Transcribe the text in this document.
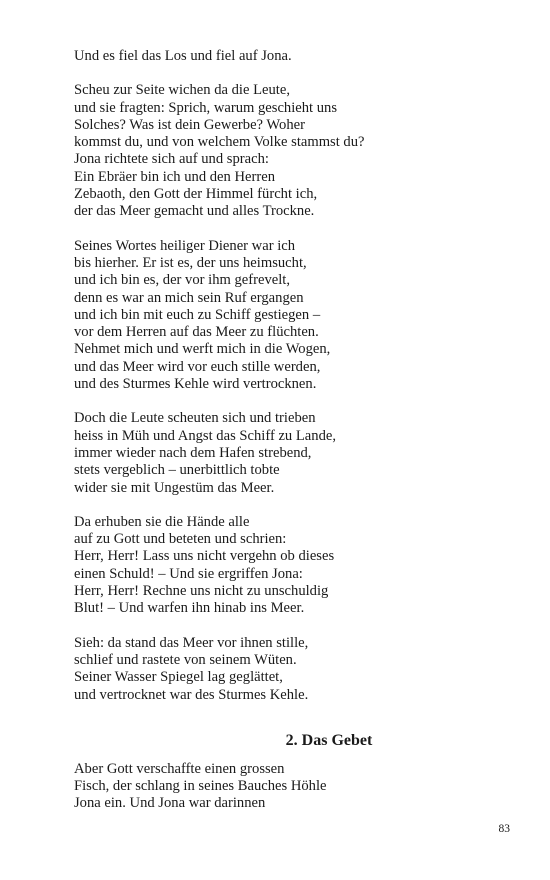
Und es fiel das Los und fiel auf Jona.
Scheu zur Seite wichen da die Leute,
und sie fragten: Sprich, warum geschieht uns
Solches? Was ist dein Gewerbe? Woher
kommst du, und von welchem Volke stammst du?
Jona richtete sich auf und sprach:
Ein Ebräer bin ich und den Herren
Zebaoth, den Gott der Himmel fürcht ich,
der das Meer gemacht und alles Trockne.
Seines Wortes heiliger Diener war ich
bis hierher. Er ist es, der uns heimsucht,
und ich bin es, der vor ihm gefrevelt,
denn es war an mich sein Ruf ergangen
und ich bin mit euch zu Schiff gestiegen –
vor dem Herren auf das Meer zu flüchten.
Nehmet mich und werft mich in die Wogen,
und das Meer wird vor euch stille werden,
und des Sturmes Kehle wird vertrocknen.
Doch die Leute scheuten sich und trieben
heiss in Müh und Angst das Schiff zu Lande,
immer wieder nach dem Hafen strebend,
stets vergeblich – unerbittlich tobte
wider sie mit Ungestüm das Meer.
Da erhuben sie die Hände alle
auf zu Gott und beteten und schrien:
Herr, Herr! Lass uns nicht vergehn ob dieses
einen Schuld! – Und sie ergriffen Jona:
Herr, Herr! Rechne uns nicht zu unschuldig
Blut! – Und warfen ihn hinab ins Meer.
Sieh: da stand das Meer vor ihnen stille,
schlief und rastete von seinem Wüten.
Seiner Wasser Spiegel lag geglättet,
und vertrocknet war des Sturmes Kehle.
2. Das Gebet
Aber Gott verschaffte einen grossen
Fisch, der schlang in seines Bauches Höhle
Jona ein. Und Jona war darinnen
83
